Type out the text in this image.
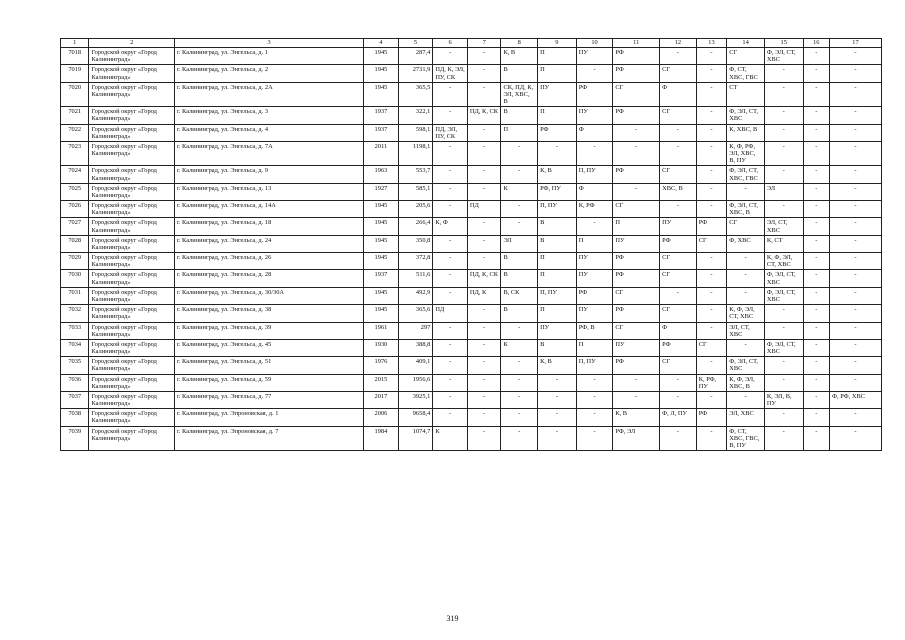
1	2	3	4	5	6	7	8	9	10	11	12	13	14	15	16	17
7018	Городской округ «Город Калининград»	г. Калининград, ул. Энгельса, д. 1	1945	287,4	-	-	К, В	П	ПУ	РФ	-	-	СГ	Ф, ЭЛ, СТ, ХВС	-	-
7019	Городской округ «Город Калининград»	г. Калининград, ул. Энгельса, д. 2	1945	2731,9	ПД, К, ЭЛ, ПУ, СК	-	В	П	-	РФ	СГ	-	Ф, СТ, ХВС, ГВС	-	-	-
7020	Городской округ «Город Калининград»	г. Калининград, ул. Энгельса, д. 2А	1945	365,5	-	-	СК, ПД, К, ЭЛ, ХВС, В	ПУ	РФ	СГ	Ф	-	СТ	-	-	-
7021	Городской округ «Город Калининград»	г. Калининград, ул. Энгельса, д. 3	1937	322,1	-	ПД, К, СК	В	П	ПУ	РФ	СГ	-	Ф, ЭЛ, СТ, ХВС	-	-	-
7022	Городской округ «Город Калининград»	г. Калининград, ул. Энгельса, д. 4	1937	598,1	ПД, ЭЛ, ПУ, СК	-	П	РФ	Ф	-	-	-	К, ХВС, В	-	-	-
7023	Городской округ «Город Калининград»	г. Калининград, ул. Энгельса, д. 7А	2011	1198,1	-	-	-	-	-	-	-	-	К, Ф, РФ, ЭЛ, ХВС, В, ПУ	-	-	-
7024	Городской округ «Город Калининград»	г. Калининград, ул. Энгельса, д. 9	1963	553,7	-	-	-	К, В	П, ПУ	РФ	СГ	-	Ф, ЭЛ, СТ, ХВС, ГВС	-	-	-
7025	Городской округ «Город Калининград»	г. Калининград, ул. Энгельса, д. 13	1927	585,1	-	-	К	РФ, ПУ	Ф	-	ХВС, В	-	-	ЭЛ	-	-
7026	Городской округ «Город Калининград»	г. Калининград, ул. Энгельса, д. 14А	1945	205,6	-	ПД	-	П, ПУ	К, РФ	СГ	-	-	Ф, ЭЛ, СТ, ХВС, В	-	-	-
7027	Городской округ «Город Калининград»	г. Калининград, ул. Энгельса, д. 18	1945	266,4	К, Ф	-	-	В	-	П	ПУ	РФ	СГ	ЭЛ, СТ, ХВС	-	-
7028	Городской округ «Город Калининград»	г. Калининград, ул. Энгельса, д. 24	1945	350,8	-	-	ЭЛ	В	П	ПУ	РФ	СГ	Ф, ХВС	К, СТ	-	-
7029	Городской округ «Город Калининград»	г. Калининград, ул. Энгельса, д. 26	1945	372,8	-	-	В	П	ПУ	РФ	СГ	-	-	К, Ф, ЭЛ, СТ, ХВС	-	-
7030	Городской округ «Город Калининград»	г. Калининград, ул. Энгельса, д. 28	1937	511,6	-	ПД, К, СК	В	П	ПУ	РФ	СГ	-	-	Ф, ЭЛ, СТ, ХВС	-	-
7031	Городской округ «Город Калининград»	г. Калининград, ул. Энгельса, д. 30/30А	1945	492,9	-	ПД, К	В, СК	П, ПУ	РФ	СГ	-	-	-	Ф, ЭЛ, СТ, ХВС	-	-
7032	Городской округ «Город Калининград»	г. Калининград, ул. Энгельса, д. 38	1945	365,6	ПД	-	В	П	ПУ	РФ	СГ	-	К, Ф, ЭЛ, СТ, ХВС	-	-	-
7033	Городской округ «Город Калининград»	г. Калининград, ул. Энгельса, д. 39	1961	297	-	-	-	ПУ	РФ, В	СГ	Ф	-	ЭЛ, СТ, ХВС	-	-	-
7034	Городской округ «Город Калининград»	г. Калининград, ул. Энгельса, д. 45	1930	388,8	-	-	К	В	П	ПУ	РФ	СГ	-	Ф, ЭЛ, СТ, ХВС	-	-
7035	Городской округ «Город Калининград»	г. Калининград, ул. Энгельса, д. 51	1976	409,1	-	-	-	К, В	П, ПУ	РФ	СГ	-	Ф, ЭЛ, СТ, ХВС	-	-	-
7036	Городской округ «Город Калининград»	г. Калининград, ул. Энгельса, д. 59	2015	1956,6	-	-	-	-	-	-	-	К, РФ, ПУ	К, Ф, ЭЛ, ХВС, В	-	-	-
7037	Городской округ «Город Калининград»	г. Калининград, ул. Энгельса, д. 77	2017	3925,1	-	-	-	-	-	-	-	-	-	К, ЭЛ, В, ПУ	-	Ф, РФ, ХВС
7038	Городской округ «Город Калининград»	г. Калининград, ул. Эпроновская, д. 1	2006	9658,4	-	-	-	-	-	К, В	Ф, Л, ПУ	РФ	ЭЛ, ХВС	-	-	-
7039	Городской округ «Город Калининград»	г. Калининград, ул. Эпроновская, д. 7	1984	1074,7	К	-	-	-	-	РФ, ЭЛ	-	-	Ф, СТ, ХВС, ГВС, В, ПУ	-	-	-
319
